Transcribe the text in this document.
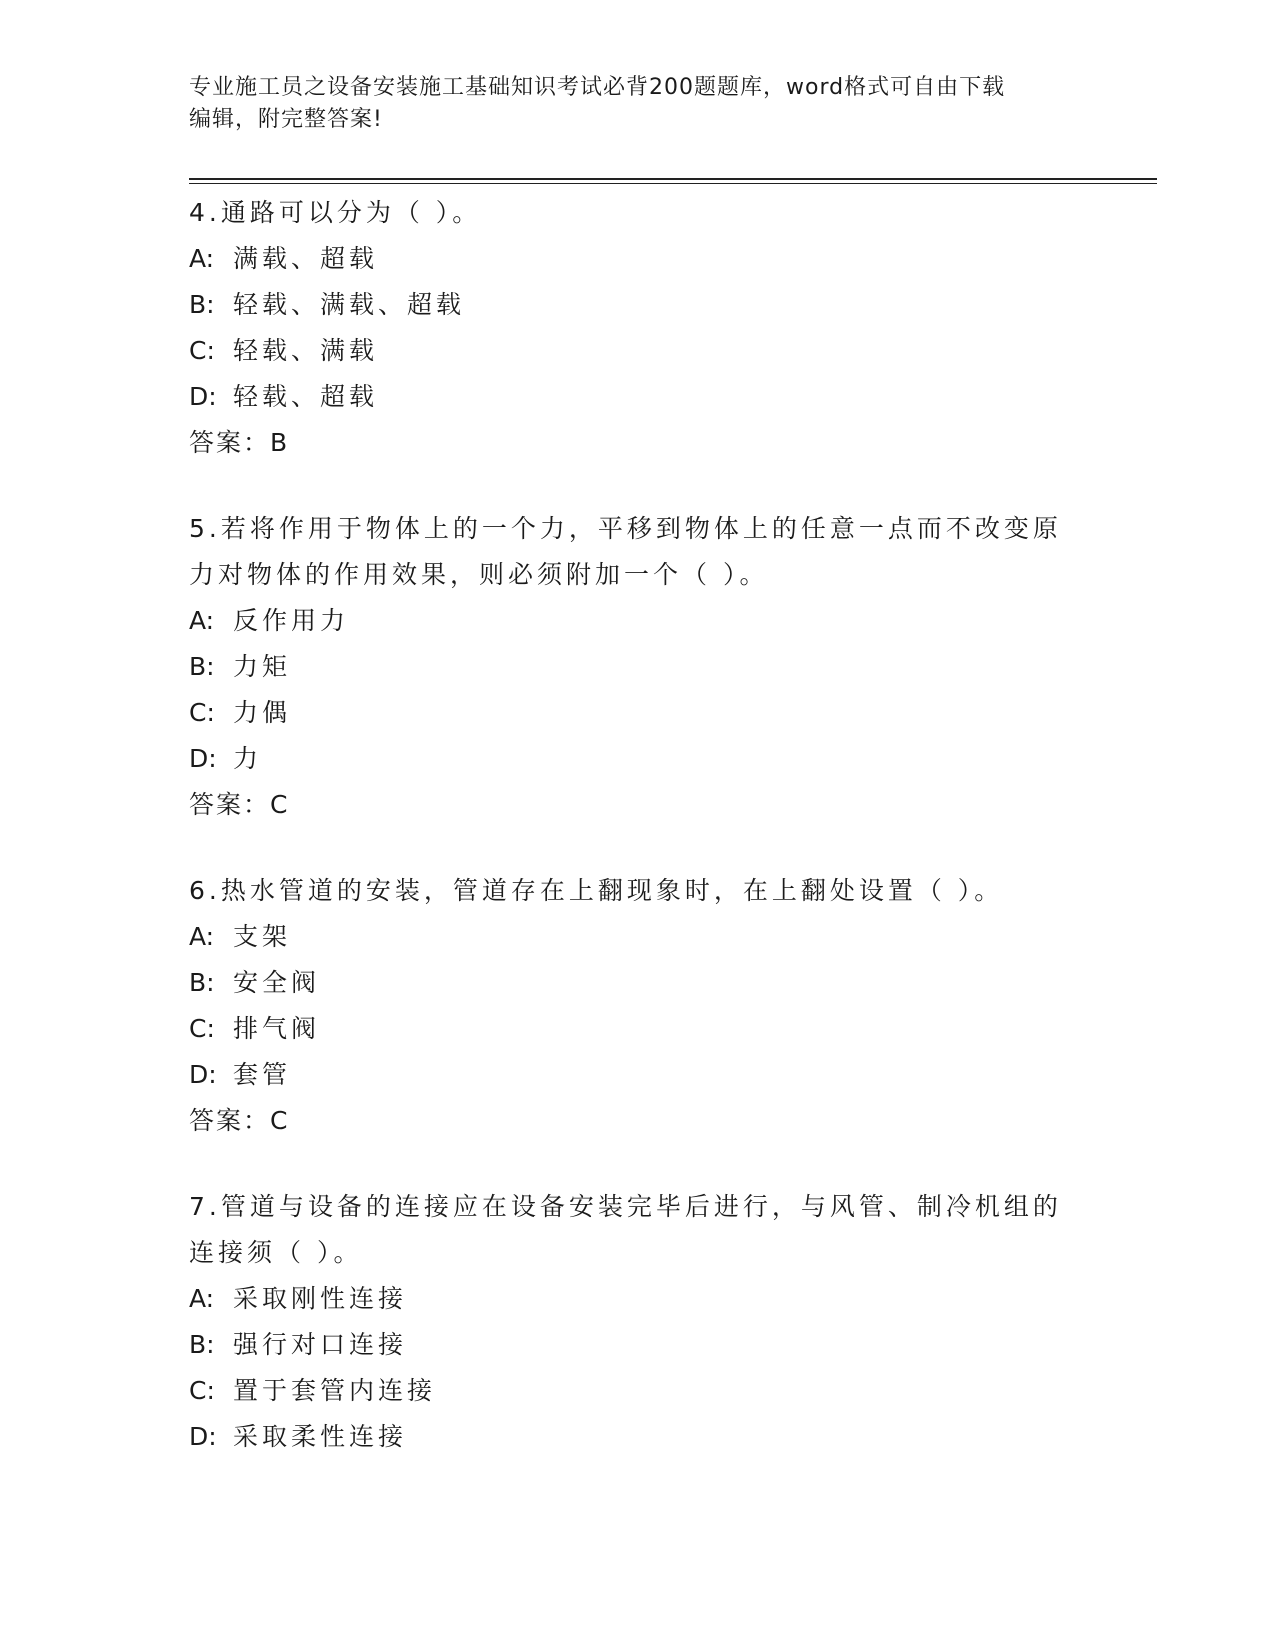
专业施工员之设备安装施工基础知识考试必背200题题库，word格式可自由下载
编辑，附完整答案!
4.通路可以分为（ ）。
A: 满载、超载
B: 轻载、满载、超载
C: 轻载、满载
D: 轻载、超载
答案：B
5.若将作用于物体上的一个力，平移到物体上的任意一点而不改变原
力对物体的作用效果，则必须附加一个（ ）。
A: 反作用力
B: 力矩
C: 力偶
D: 力
答案：C
6.热水管道的安装，管道存在上翻现象时，在上翻处设置（ ）。
A: 支架
B: 安全阀
C: 排气阀
D: 套管
答案：C
7.管道与设备的连接应在设备安装完毕后进行，与风管、制冷机组的
连接须（ ）。
A: 采取刚性连接
B: 强行对口连接
C: 置于套管内连接
D: 采取柔性连接
